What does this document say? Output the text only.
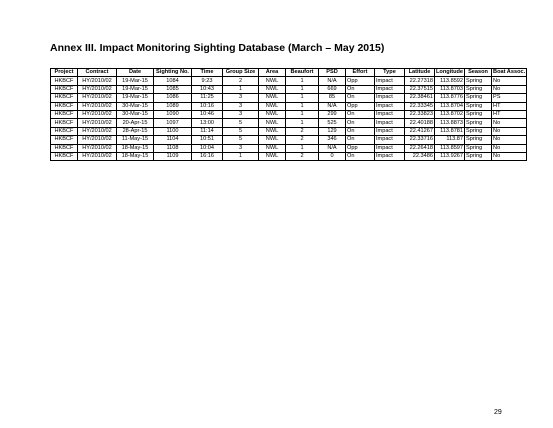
Annex III. Impact Monitoring Sighting Database (March – May 2015)
Project	Contract	Date	Sighting No.	Time	Group Size	Area	Beaufort	PSD	Effort	Type	Latitude	Longitude	Season	Boat Assoc.
HKBCF	HY/2010/02	19-Mar-15	1084	9:23	2	NWL	1	N/A	Opp	Impact	22.27318	113.8592	Spring	No
HKBCF	HY/2010/02	19-Mar-15	1085	10:43	1	NWL	1	669	On	Impact	22.37515	113.8703	Spring	No
HKBCF	HY/2010/02	19-Mar-15	1086	11:25	3	NWL	1	85	On	Impact	22.38461	113.8776	Spring	PS
HKBCF	HY/2010/02	30-Mar-15	1089	10:16	3	NWL	1	N/A	Opp	Impact	22.33345	113.8704	Spring	HT
HKBCF	HY/2010/02	30-Mar-15	1090	10:46	3	NWL	1	299	On	Impact	22.33823	113.8702	Spring	HT
HKBCF	HY/2010/02	20-Apr-15	1097	13:00	5	NWL	1	525	On	Impact	22.40188	113.8873	Spring	No
HKBCF	HY/2010/02	28-Apr-15	1100	11:14	5	NWL	2	129	On	Impact	22.41267	113.8781	Spring	No
HKBCF	HY/2010/02	11-May-15	1104	10:51	5	NWL	2	346	On	Impact	22.33716	113.87	Spring	No
HKBCF	HY/2010/02	18-May-15	1108	10:04	3	NWL	1	N/A	Opp	Impact	22.26418	113.8597	Spring	No
HKBCF	HY/2010/02	18-May-15	1109	16:16	1	NWL	2	0	On	Impact	22.3486	113.9267	Spring	No
29
